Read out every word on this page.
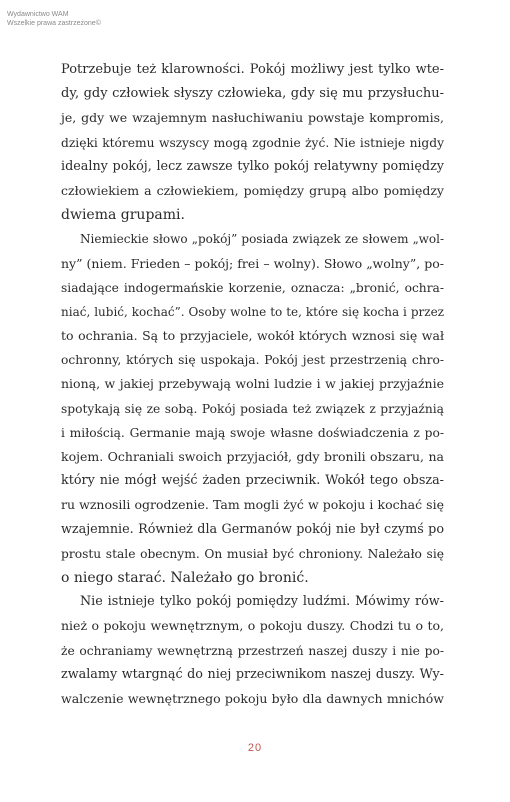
Wydawnictwo WAM
Wszelkie prawa zastrzeżone©
Potrzebuje też klarowności. Pokój możliwy jest tylko wte-
dy, gdy człowiek słyszy człowieka, gdy się mu przysłuchu-
je, gdy we wzajemnym nasłuchiwaniu powstaje kompromis,
dzięki któremu wszyscy mogą zgodnie żyć. Nie istnieje nigdy
idealny pokój, lecz zawsze tylko pokój relatywny pomiędzy
człowiekiem a człowiekiem, pomiędzy grupą albo pomiędzy
dwiema grupami.
Niemieckie słowo „pokój” posiada związek ze słowem „wol-
ny” (niem. Frieden – pokój; frei – wolny). Słowo „wolny”, po-
siadające indogermańskie korzenie, oznacza: „bronić, ochra-
niać, lubić, kochać”. Osoby wolne to te, które się kocha i przez
to ochrania. Są to przyjaciele, wokół których wznosi się wał
ochronny, których się uspokaja. Pokój jest przestrzenią chro-
nioną, w jakiej przebywają wolni ludzie i w jakiej przyjaźnie
spotykają się ze sobą. Pokój posiada też związek z przyjaźnią
i miłością. Germanie mają swoje własne doświadczenia z po-
kojem. Ochraniali swoich przyjaciół, gdy bronili obszaru, na
który nie mógł wejść żaden przeciwnik. Wokół tego obsza-
ru wznosili ogrodzenie. Tam mogli żyć w pokoju i kochać się
wzajemnie. Również dla Germanów pokój nie był czymś po
prostu stale obecnym. On musiał być chroniony. Należało się
o niego starać. Należało go bronić.
Nie istnieje tylko pokój pomiędzy ludźmi. Mówimy rów-
nież o pokoju wewnętrznym, o pokoju duszy. Chodzi tu o to,
że ochraniamy wewnętrzną przestrzeń naszej duszy i nie po-
zwalamy wtargnąć do niej przeciwnikom naszej duszy. Wy-
walczenie wewnętrznego pokoju było dla dawnych mnichów
20
